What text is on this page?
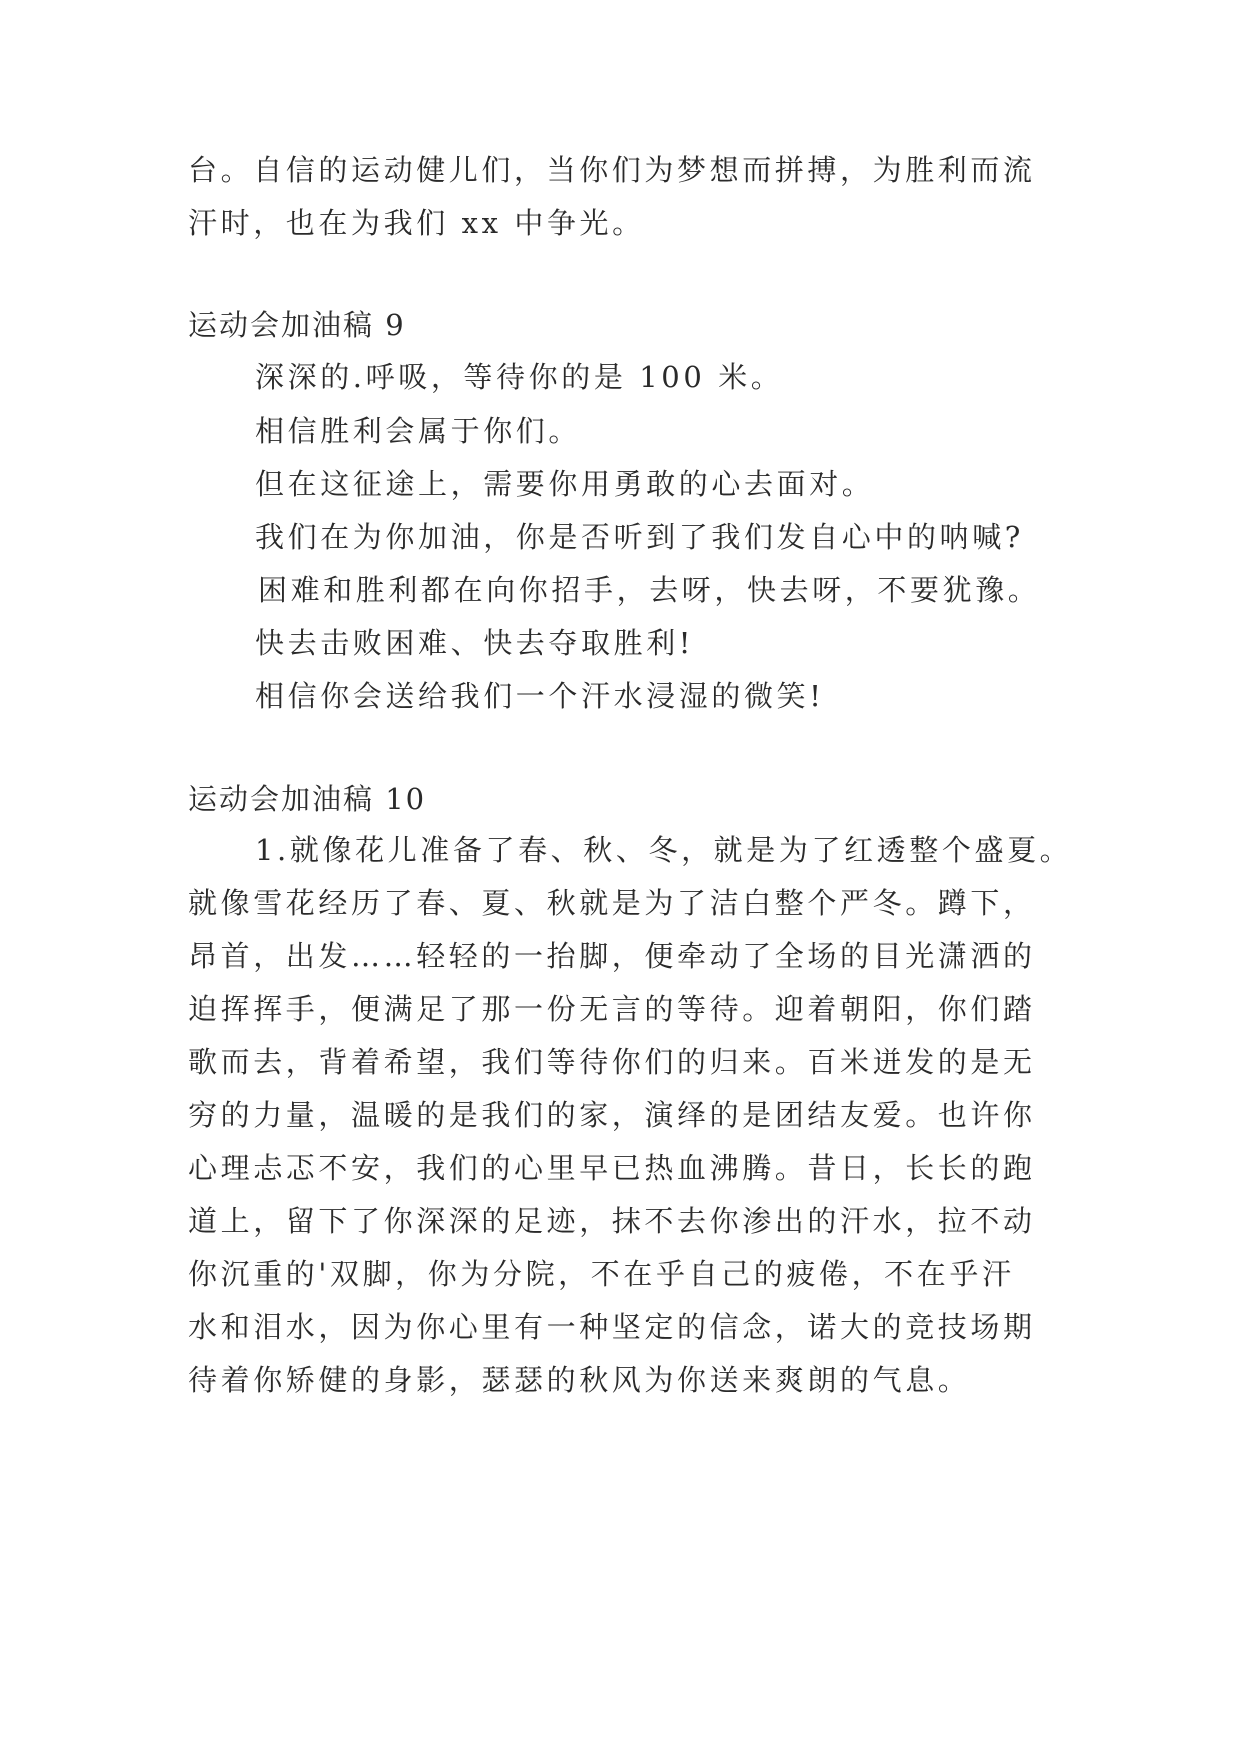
台。自信的运动健儿们，当你们为梦想而拼搏，为胜利而流
汗时，也在为我们 xx 中争光。
运动会加油稿 9
深深的.呼吸，等待你的是 100 米。
相信胜利会属于你们。
但在这征途上，需要你用勇敢的心去面对。
我们在为你加油，你是否听到了我们发自心中的呐喊?
困难和胜利都在向你招手，去呀，快去呀，不要犹豫。
快去击败困难、快去夺取胜利!
相信你会送给我们一个汗水浸湿的微笑!
运动会加油稿 10
1.就像花儿准备了春、秋、冬，就是为了红透整个盛夏。
就像雪花经历了春、夏、秋就是为了洁白整个严冬。蹲下，
昂首，出发……轻轻的一抬脚，便牵动了全场的目光潇洒的
迫挥挥手，便满足了那一份无言的等待。迎着朝阳，你们踏
歌而去，背着希望，我们等待你们的归来。百米迸发的是无
穷的力量，温暖的是我们的家，演绎的是团结友爱。也许你
心理忐忑不安，我们的心里早已热血沸腾。昔日，长长的跑
道上，留下了你深深的足迹，抹不去你渗出的汗水，拉不动
你沉重的'双脚，你为分院，不在乎自己的疲倦，不在乎汗
水和泪水，因为你心里有一种坚定的信念，诺大的竞技场期
待着你矫健的身影，瑟瑟的秋风为你送来爽朗的气息。
